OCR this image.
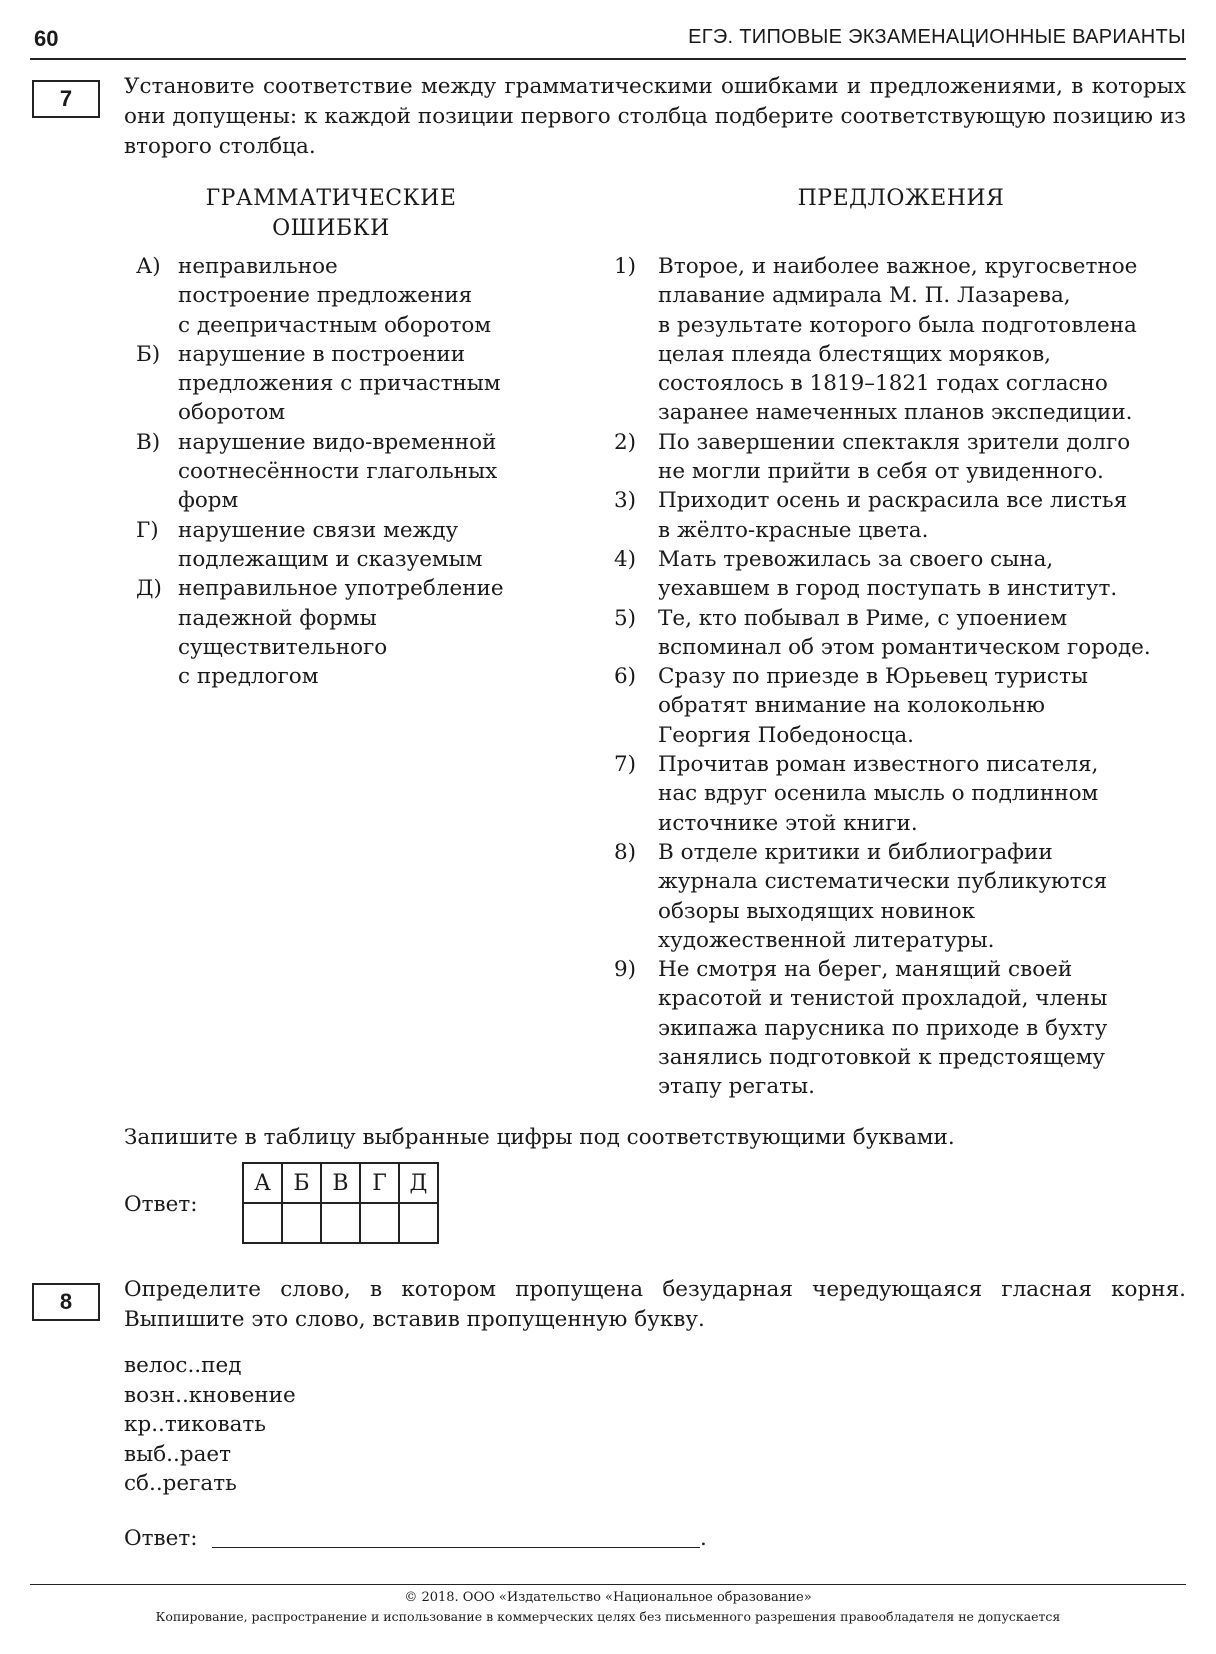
60	ЕГЭ. ТИПОВЫЕ ЭКЗАМЕНАЦИОННЫЕ ВАРИАНТЫ
7	Установите соответствие между грамматическими ошибками и предложениями, в которых они допущены: к каждой позиции первого столбца подберите соответствующую позицию из второго столбца.
ГРАММАТИЧЕСКИЕ
ОШИБКИ
ПРЕДЛОЖЕНИЯ
А) неправильное
построение предложения
с деепричастным оборотом
Б) нарушение в построении
предложения с причастным
оборотом
В) нарушение видо-временной
соотнесённости глагольных
форм
Г) нарушение связи между
подлежащим и сказуемым
Д) неправильное употребление
падежной формы
существительного
с предлогом
1) Второе, и наиболее важное, кругосветное
плавание адмирала М. П. Лазарева,
в результате которого была подготовлена
целая плеяда блестящих моряков,
состоялось в 1819–1821 годах согласно
заранее намеченных планов экспедиции.
2) По завершении спектакля зрители долго
не могли прийти в себя от увиденного.
3) Приходит осень и раскрасила все листья
в жёлто-красные цвета.
4) Мать тревожилась за своего сына,
уехавшем в город поступать в институт.
5) Те, кто побывал в Риме, с упоением
вспоминал об этом романтическом городе.
6) Сразу по приезде в Юрьевец туристы
обратят внимание на колокольню
Георгия Победоносца.
7) Прочитав роман известного писателя,
нас вдруг осенила мысль о подлинном
источнике этой книги.
8) В отделе критики и библиографии
журнала систематически публикуются
обзоры выходящих новинок
художественной литературы.
9) Не смотря на берег, манящий своей
красотой и тенистой прохладой, члены
экипажа парусника по приходе в бухту
занялись подготовкой к предстоящему
этапу регаты.
Запишите в таблицу выбранные цифры под соответствующими буквами.
Ответ:
А	Б	В	Г	Д

8	Определите слово, в котором пропущена безударная чередующаяся гласная корня. Выпишите это слово, вставив пропущенную букву.
велос..пед
возн..кновение
кр..тиковать
выб..рает
сб..регать
Ответ:	.
© 2018. ООО «Издательство «Национальное образование»
Копирование, распространение и использование в коммерческих целях без письменного разрешения правообладателя не допускается
